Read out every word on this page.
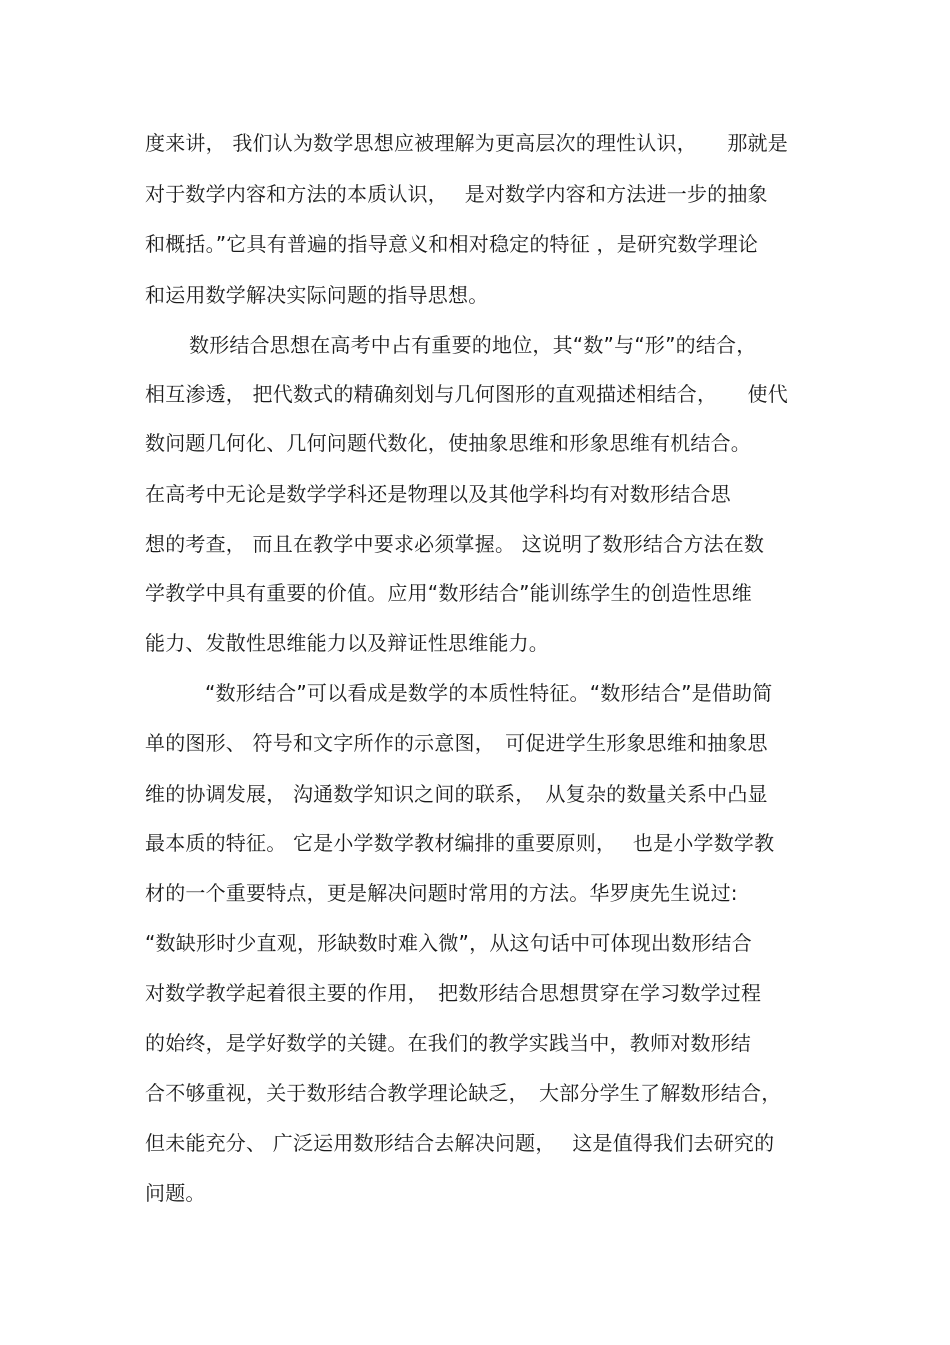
度来讲， 我们认为数学思想应被理解为更高层次的理性认识，　　那就是
对于数学内容和方法的本质认识，　 是对数学内容和方法进一步的抽象
和概括。”它具有普遍的指导意义和相对稳定的特征 ，是研究数学理论
和运用数学解决实际问题的指导思想。
数形结合思想在高考中占有重要的地位，其“数”与“形”的结合，
相互渗透， 把代数式的精确刻划与几何图形的直观描述相结合，　　使代
数问题几何化、几何问题代数化，使抽象思维和形象思维有机结合。
在高考中无论是数学学科还是物理以及其他学科均有对数形结合思
想的考查， 而且在教学中要求必须掌握。 这说明了数形结合方法在数
学教学中具有重要的价值。应用“数形结合”能训练学生的创造性思维
能力、发散性思维能力以及辩证性思维能力。
“数形结合”可以看成是数学的本质性特征。“数形结合”是借助简
单的图形、 符号和文字所作的示意图，　可促进学生形象思维和抽象思
维的协调发展， 沟通数学知识之间的联系，　从复杂的数量关系中凸显
最本质的特征。 它是小学数学教材编排的重要原则，　 也是小学数学教
材的一个重要特点，更是解决问题时常用的方法。华罗庚先生说过:
“数缺形时少直观，形缺数时难入微”，从这句话中可体现出数形结合
对数学教学起着很主要的作用，　把数形结合思想贯穿在学习数学过程
的始终，是学好数学的关键。在我们的教学实践当中，教师对数形结
合不够重视，关于数形结合教学理论缺乏，　大部分学生了解数形结合，
但未能充分、 广泛运用数形结合去解决问题，　 这是值得我们去研究的
问题。
